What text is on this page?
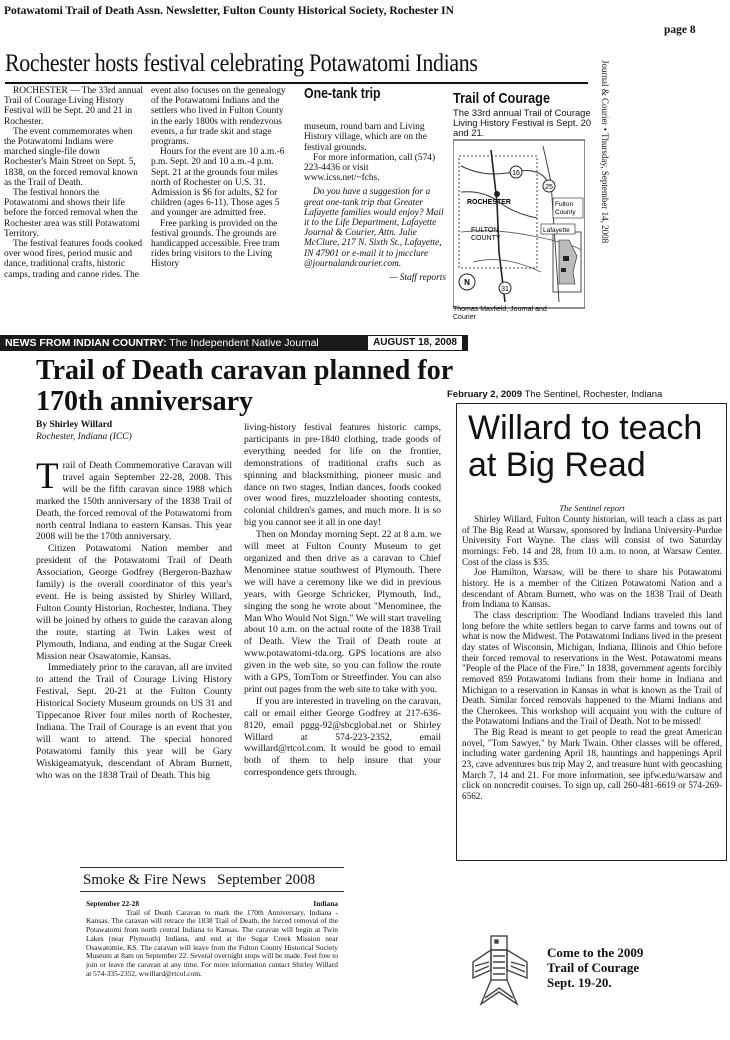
Potawatomi Trail of Death Assn. Newsletter, Fulton County Historical Society, Rochester IN
page 8
Rochester hosts festival celebrating Potawatomi Indians

ROCHESTER — The 33rd annual Trail of Courage Living History Festival will be Sept. 20 and 21 in Rochester.

The event commemorates when the Potawatomi Indians were marched single-file down Rochester's Main Street on Sept. 5, 1838, on the forced removal known as the Trail of Death.

The festival honors the Potawatomi and shows their life before the forced removal when the Rochester area was still Potawatomi Territory.

The festival features foods cooked over wood fires, period music and dance, traditional crafts, historic camps, trading and canoe rides. The

event also focuses on the genealogy of the Potawatomi Indians and the settlers who lived in Fulton County in the early 1800s with rendezvous events, a fur trade skit and stage programs.

Hours for the event are 10 a.m.-6 p.m. Sept. 20 and 10 a.m.-4 p.m. Sept. 21 at the grounds four miles north of Rochester on U.S. 31. Admission is $6 for adults, $2 for children (ages 6-11). Those ages 5 and younger are admitted free.

Free parking is provided on the festival grounds. The grounds are handicapped accessible. Free tram rides bring visitors to the Living History

One-tank trip

museum, round barn and Living History village, which are on the festival grounds.

For more information, call (574) 223-4436 or visit www.icss.net/~fchs.

Do you have a suggestion for a great one-tank trip that Greater Lafayette families would enjoy? Mail it to the Life Department, Lafayette Journal & Courier, Attn. Julie McClure, 217 N. Sixth St., Lafayette, IN 47901 or e-mail it to jmcclure @journalandcourier.com.

— Staff reports
Trail of Courage
The 33rd annual Trail of Courage Living History Festival is Sept. 20 and 21.
16
25
31
ROCHESTER
FULTON
COUNTY
Fulton
County
Lafayette
N
Thomas Maxfield, Journal and Courier
Journal & Courier • Thursday, September 14, 2008
NEWS FROM INDIAN COUNTRY: The Independent Native Journal	AUGUST 18, 2008
Trail of Death caravan planned for 170th anniversary
By Shirley Willard
Rochester, Indiana (ICC)

Trail of Death Commemorative Caravan will travel again September 22-28, 2008. This will be the fifth caravan since 1988 which marked the 150th anniversary of the 1838 Trail of Death, the forced removal of the Potawatomi from north central Indiana to eastern Kansas. This year 2008 will be the 170th anniversary.

Citizen Potawatomi Nation member and president of the Potawatomi Trail of Death Association, George Godfrey (Bergeron-Bazhaw family) is the overall coordinator of this year's event. He is being assisted by Shirley Willard, Fulton County Historian, Rochester, Indiana. They will be joined by others to guide the caravan along the route, starting at Twin Lakes west of Plymouth, Indiana, and ending at the Sugar Creek Mission near Osawatomie, Kansas.

Immediately prior to the caravan, all are invited to attend the Trail of Courage Living History Festival, Sept. 20-21 at the Fulton County Historical Society Museum grounds on US 31 and Tippecanoe River four miles north of Rochester, Indiana. The Trail of Courage is an event that you will want to attend. The special honored Potawatomi family this year will be Gary Wiskigeamatyuk, descendant of Abram Burnett, who was on the 1838 Trail of Death. This big

living-history festival features historic camps, participants in pre-1840 clothing, trade goods of everything needed for life on the frontier, demonstrations of traditional crafts such as spinning and blacksmithing, pioneer music and dance on two stages, Indian dances, foods cooked over wood fires, muzzleloader shooting contests, colonial children's games, and much more. It is so big you cannot see it all in one day!

Then on Monday morning Sept. 22 at 8 a.m. we will meet at Fulton County Museum to get organized and then drive as a caravan to Chief Menominee statue southwest of Plymouth. There we will have a ceremony like we did in previous years, with George Schricker, Plymouth, Ind., singing the song he wrote about "Menominee, the Man Who Would Not Sign." We will start traveling about 10 a.m. on the actual route of the 1838 Trail of Death. View the Trail of Death route at www.potawatomi-tda.org. GPS locations are also given in the web site, so you can follow the route with a GPS, TomTom or Streetfinder. You can also print out pages from the web site to take with you.

If you are interested in traveling on the caravan, call or email either George Godfrey at 217-636-8120, email pggg-92@sbcglobal.net or Shirley Willard at 574-223-2352, email wwillard@rtcol.com. It would be good to email both of them to help insure that your correspondence gets through.

February 2, 2009 The Sentinel, Rochester, Indiana
Willard to teach at Big Read
The Sentinel report

Shirley Willard, Fulton County historian, will teach a class as part of The Big Read at Warsaw, sponsored by Indiana University-Purdue University Fort Wayne. The class will consist of two Saturday mornings: Feb. 14 and 28, from 10 a.m. to noon, at Warsaw Center. Cost of the class is $35.

Joe Hamilton, Warsaw, will be there to share his Potawatomi history. He is a member of the Citizen Potawatomi Nation and a descendant of Abram Burnett, who was on the 1838 Trail of Death from Indiana to Kansas.

The class description: The Woodland Indians traveled this land long before the white settlers began to carve farms and towns out of what is now the Midwest. The Potawatomi Indians lived in the present day states of Wisconsin, Michigan, Indiana, Illinois and Ohio before their forced removal to reservations in the West. Potawatomi means "People of the Place of the Fire." In 1838, government agents forcibly removed 859 Potawatomi Indians from their home in Indiana and Michigan to a reservation in Kansas in what is known as the Trail of Death. Similar forced removals happened to the Miami Indians and the Cherokees. This workshop will acquaint you with the culture of the Potawatomi Indians and the Trail of Death. Not to be missed!

The Big Read is meant to get people to read the great American novel, "Tom Sawyer," by Mark Twain. Other classes will be offered, including water gardening April 18, hauntings and happenings April 23, cave adventures bus trip May 2, and treasure hunt with geocashing March 7, 14 and 21. For more information, see ipfw.edu/warsaw and click on noncredit courses. To sign up, call 260-481-6619 or 574-269-6562.

Smoke & Fire News September 2008
September 22-28	Indiana

Trail of Death Caravan to mark the 170th Anniversary, Indiana - Kansas. The caravan will retrace the 1838 Trail of Death, the forced removal of the Potawatomi from north central Indiana to Kansas. The caravan will begin at Twin Lakes (near Plymouth) Indiana, and end at the Sugar Creek Mission near Osawatomie, KS. The caravan will leave from the Fulton County Historical Society Museum at 8am on September 22. Several overnight stops will be made. Feel free to join or leave the caravan at any time. For more information contact Shirley Willard at 574-335-2352, wwillard@rtcol.com.

Come to the 2009
Trail of Courage
Sept. 19-20.
